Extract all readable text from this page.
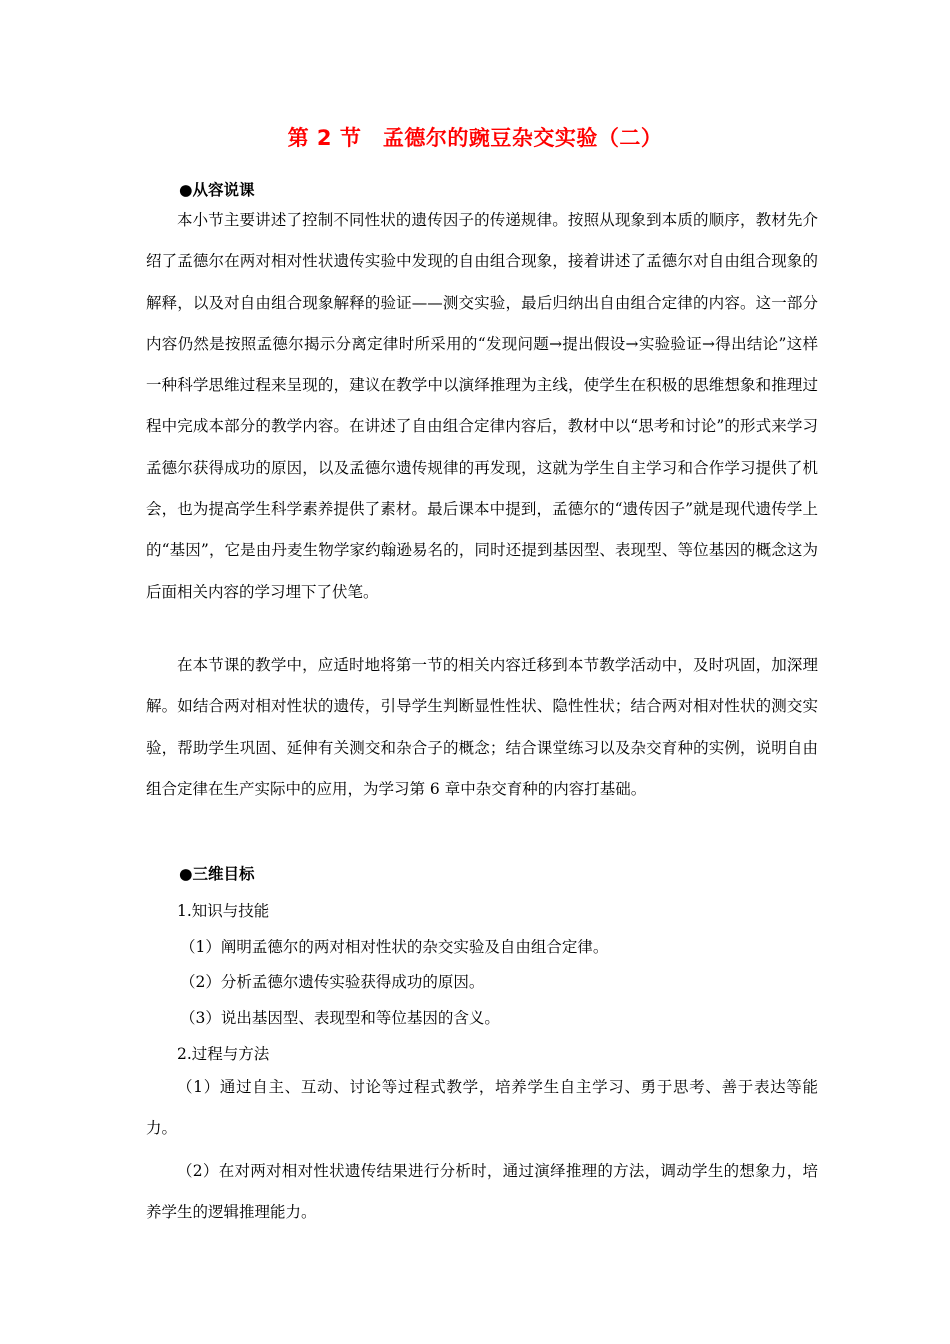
第 2 节　孟德尔的豌豆杂交实验（二）
●从容说课

本小节主要讲述了控制不同性状的遗传因子的传递规律。按照从现象到本质的顺序，教材先介绍了孟德尔在两对相对性状遗传实验中发现的自由组合现象，接着讲述了孟德尔对自由组合现象的解释，以及对自由组合现象解释的验证——测交实验，最后归纳出自由组合定律的内容。这一部分内容仍然是按照孟德尔揭示分离定律时所采用的“发现问题→提出假设→实验验证→得出结论”这样一种科学思维过程来呈现的，建议在教学中以演绎推理为主线，使学生在积极的思维想象和推理过程中完成本部分的教学内容。在讲述了自由组合定律内容后，教材中以“思考和讨论”的形式来学习孟德尔获得成功的原因，以及孟德尔遗传规律的再发现，这就为学生自主学习和合作学习提供了机会，也为提高学生科学素养提供了素材。最后课本中提到，孟德尔的“遗传因子”就是现代遗传学上的“基因”，它是由丹麦生物学家约翰逊易名的，同时还提到基因型、表现型、等位基因的概念这为后面相关内容的学习埋下了伏笔。

在本节课的教学中，应适时地将第一节的相关内容迁移到本节教学活动中，及时巩固，加深理解。如结合两对相对性状的遗传，引导学生判断显性性状、隐性性状；结合两对相对性状的测交实验，帮助学生巩固、延伸有关测交和杂合子的概念；结合课堂练习以及杂交育种的实例，说明自由组合定律在生产实际中的应用，为学习第 6 章中杂交育种的内容打基础。

●三维目标
1.知识与技能
（1）阐明孟德尔的两对相对性状的杂交实验及自由组合定律。
（2）分析孟德尔遗传实验获得成功的原因。
（3）说出基因型、表现型和等位基因的含义。
2.过程与方法

（1）通过自主、互动、讨论等过程式教学，培养学生自主学习、勇于思考、善于表达等能力。

（2）在对两对相对性状遗传结果进行分析时，通过演绎推理的方法，调动学生的想象力，培养学生的逻辑推理能力。
